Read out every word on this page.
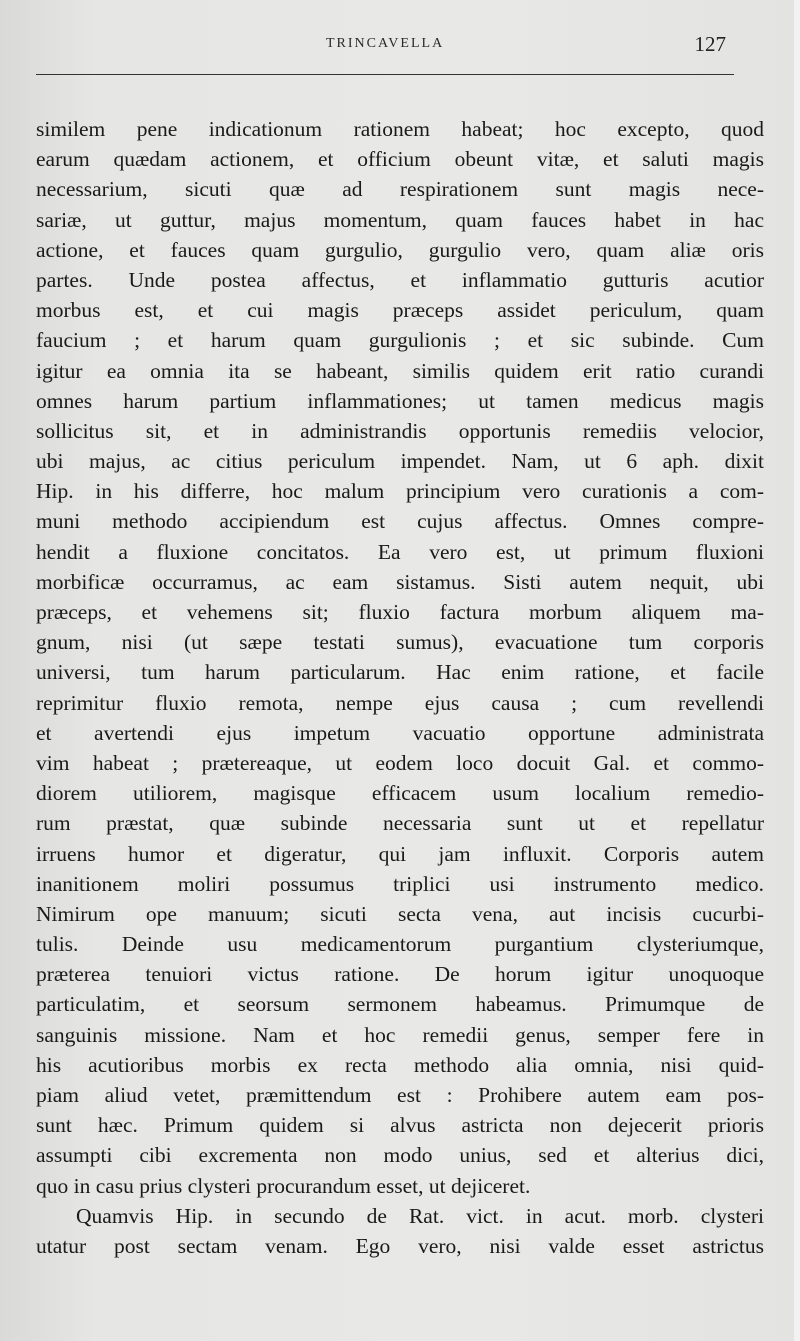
TRINCAVELLA	127
similem pene indicationum rationem habeat; hoc excepto, quod
earum quædam actionem, et officium obeunt vitæ, et saluti magis
necessarium, sicuti quæ ad respirationem sunt magis nece-
sariæ, ut guttur, majus momentum, quam fauces habet in hac
actione, et fauces quam gurgulio, gurgulio vero, quam aliæ oris
partes. Unde postea affectus, et inflammatio gutturis acutior
morbus est, et cui magis præceps assidet periculum, quam
faucium ; et harum quam gurgulionis ; et sic subinde. Cum
igitur ea omnia ita se habeant, similis quidem erit ratio curandi
omnes harum partium inflammationes; ut tamen medicus magis
sollicitus sit, et in administrandis opportunis remediis velocior,
ubi majus, ac citius periculum impendet. Nam, ut 6 aph. dixit
Hip. in his differre, hoc malum principium vero curationis a com-
muni methodo accipiendum est cujus affectus. Omnes compre-
hendit a fluxione concitatos. Ea vero est, ut primum fluxioni
morbificæ occurramus, ac eam sistamus. Sisti autem nequit, ubi
præceps, et vehemens sit; fluxio factura morbum aliquem ma-
gnum, nisi (ut sæpe testati sumus), evacuatione tum corporis
universi, tum harum particularum. Hac enim ratione, et facile
reprimitur fluxio remota, nempe ejus causa ; cum revellendi
et avertendi ejus impetum vacuatio opportune administrata
vim habeat ; prætereaque, ut eodem loco docuit Gal. et commo-
diorem utiliorem, magisque efficacem usum localium remedio-
rum præstat, quæ subinde necessaria sunt ut et repellatur
irruens humor et digeratur, qui jam influxit. Corporis autem
inanitionem moliri possumus triplici usi instrumento medico.
Nimirum ope manuum; sicuti secta vena, aut incisis cucurbi-
tulis. Deinde usu medicamentorum purgantium clysteriumque,
præterea tenuiori victus ratione. De horum igitur unoquoque
particulatim, et seorsum sermonem habeamus. Primumque de
sanguinis missione. Nam et hoc remedii genus, semper fere in
his acutioribus morbis ex recta methodo alia omnia, nisi quid-
piam aliud vetet, præmittendum est : Prohibere autem eam pos-
sunt hæc. Primum quidem si alvus astricta non dejecerit prioris
assumpti cibi excrementa non modo unius, sed et alterius dici,
quo in casu prius clysteri procurandum esset, ut dejiceret.
Quamvis Hip. in secundo de Rat. vict. in acut. morb. clysteri
utatur post sectam venam. Ego vero, nisi valde esset astrictus
